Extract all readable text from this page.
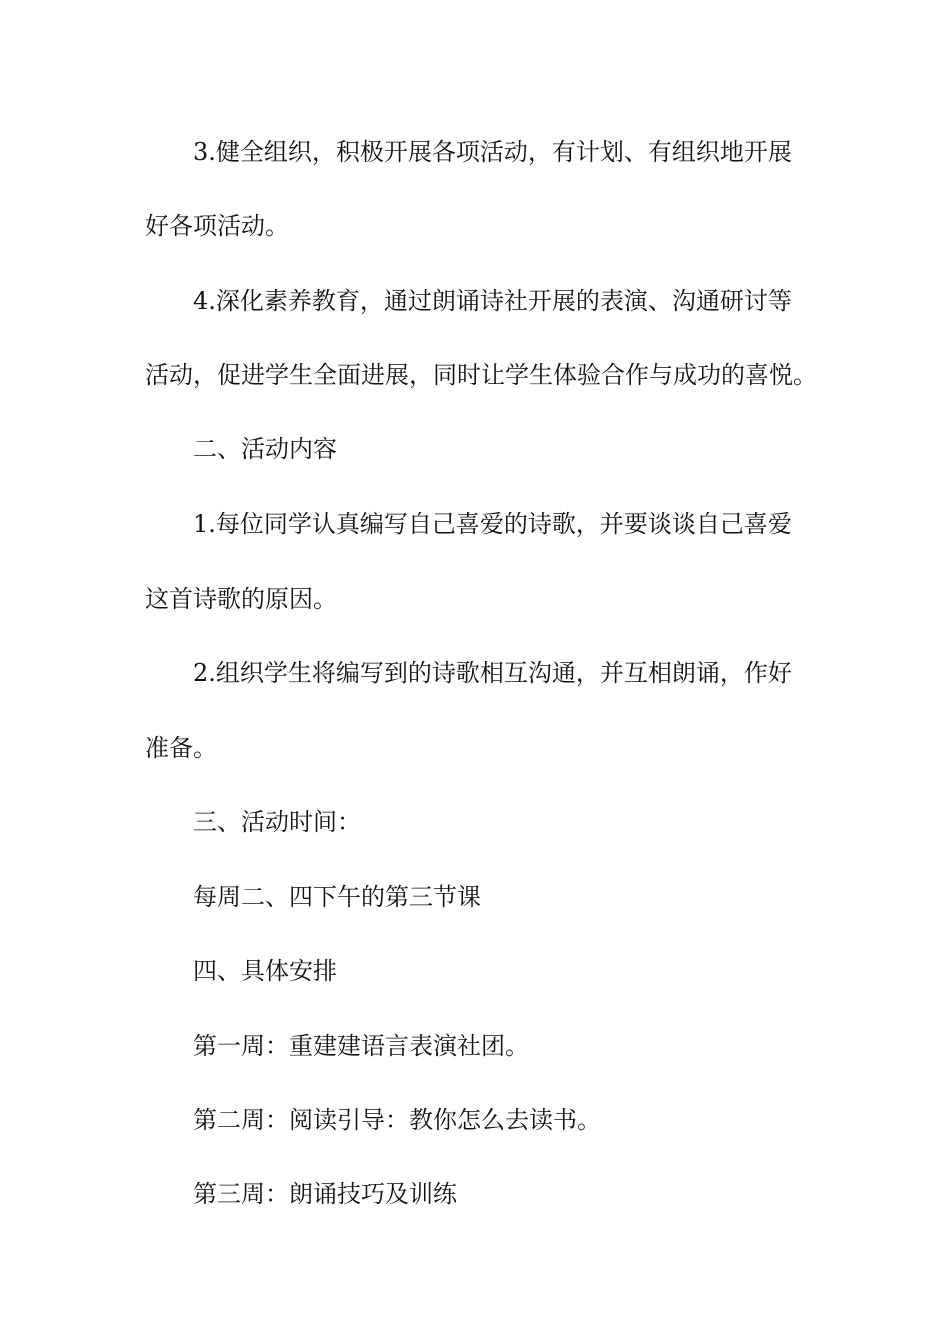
3.健全组织，积极开展各项活动，有计划、有组织地开展
好各项活动。
4.深化素养教育，通过朗诵诗社开展的表演、沟通研讨等
活动，促进学生全面进展，同时让学生体验合作与成功的喜悦。
二、活动内容
1.每位同学认真编写自己喜爱的诗歌，并要谈谈自己喜爱
这首诗歌的原因。
2.组织学生将编写到的诗歌相互沟通，并互相朗诵，作好
准备。
三、活动时间：
每周二、四下午的第三节课
四、具体安排
第一周：重建建语言表演社团。
第二周：阅读引导：教你怎么去读书。
第三周：朗诵技巧及训练
